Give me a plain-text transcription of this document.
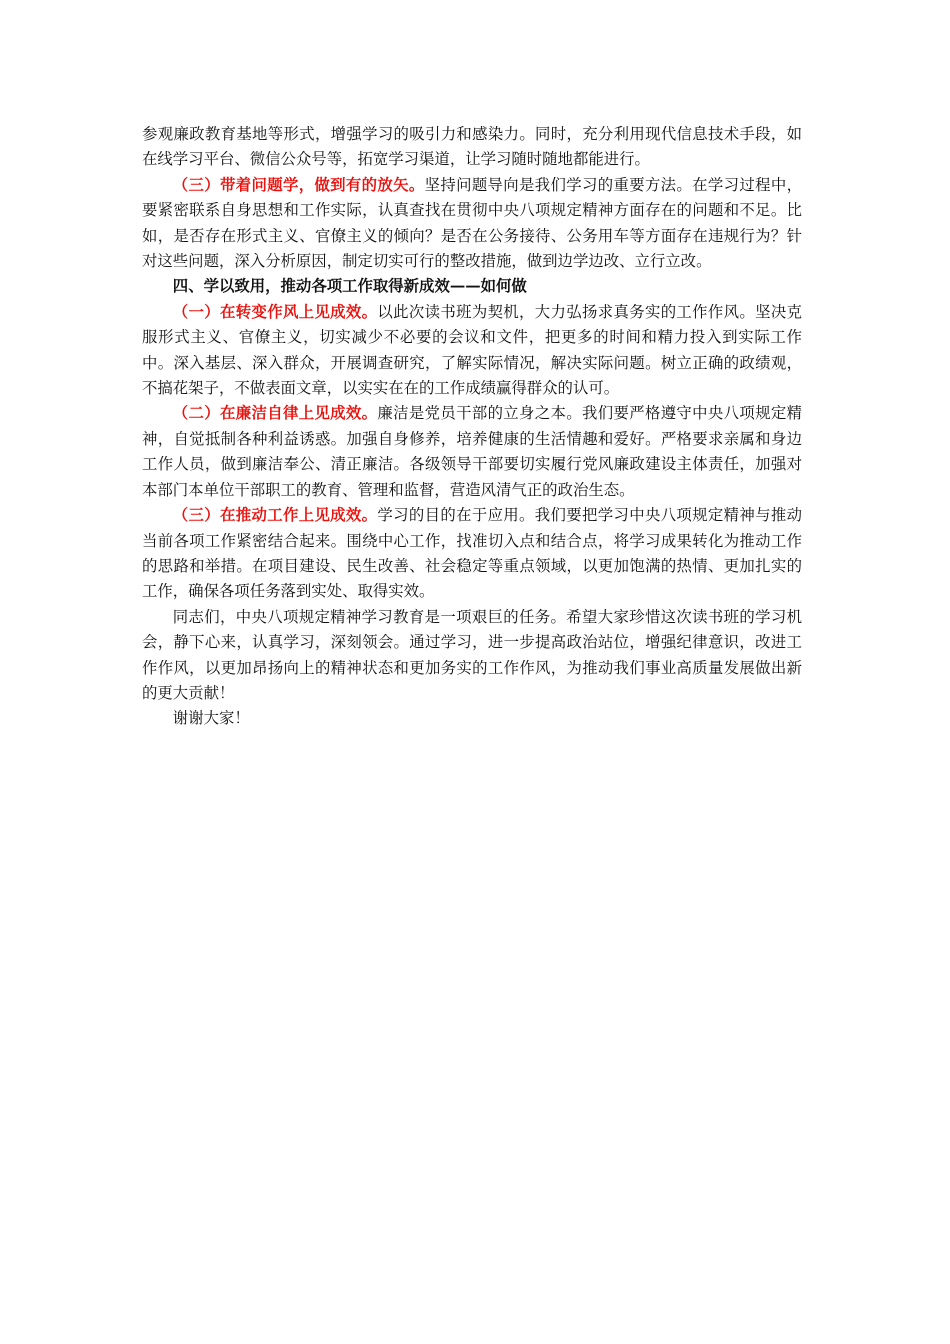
参观廉政教育基地等形式，增强学习的吸引力和感染力。同时，充分利用现代信息技术手段，如在线学习平台、微信公众号等，拓宽学习渠道，让学习随时随地都能进行。

（三）带着问题学，做到有的放矢。坚持问题导向是我们学习的重要方法。在学习过程中，要紧密联系自身思想和工作实际，认真查找在贯彻中央八项规定精神方面存在的问题和不足。比如，是否存在形式主义、官僚主义的倾向？是否在公务接待、公务用车等方面存在违规行为？针对这些问题，深入分析原因，制定切实可行的整改措施，做到边学边改、立行立改。

四、学以致用，推动各项工作取得新成效——如何做

（一）在转变作风上见成效。以此次读书班为契机，大力弘扬求真务实的工作作风。坚决克服形式主义、官僚主义，切实减少不必要的会议和文件，把更多的时间和精力投入到实际工作中。深入基层、深入群众，开展调查研究，了解实际情况，解决实际问题。树立正确的政绩观，不搞花架子，不做表面文章，以实实在在的工作成绩赢得群众的认可。

（二）在廉洁自律上见成效。廉洁是党员干部的立身之本。我们要严格遵守中央八项规定精神，自觉抵制各种利益诱惑。加强自身修养，培养健康的生活情趣和爱好。严格要求亲属和身边工作人员，做到廉洁奉公、清正廉洁。各级领导干部要切实履行党风廉政建设主体责任，加强对本部门本单位干部职工的教育、管理和监督，营造风清气正的政治生态。

（三）在推动工作上见成效。学习的目的在于应用。我们要把学习中央八项规定精神与推动当前各项工作紧密结合起来。围绕中心工作，找准切入点和结合点，将学习成果转化为推动工作的思路和举措。在项目建设、民生改善、社会稳定等重点领域，以更加饱满的热情、更加扎实的工作，确保各项任务落到实处、取得实效。

同志们，中央八项规定精神学习教育是一项艰巨的任务。希望大家珍惜这次读书班的学习机会，静下心来，认真学习，深刻领会。通过学习，进一步提高政治站位，增强纪律意识，改进工作作风，以更加昂扬向上的精神状态和更加务实的工作作风，为推动我们事业高质量发展做出新的更大贡献！

谢谢大家！
